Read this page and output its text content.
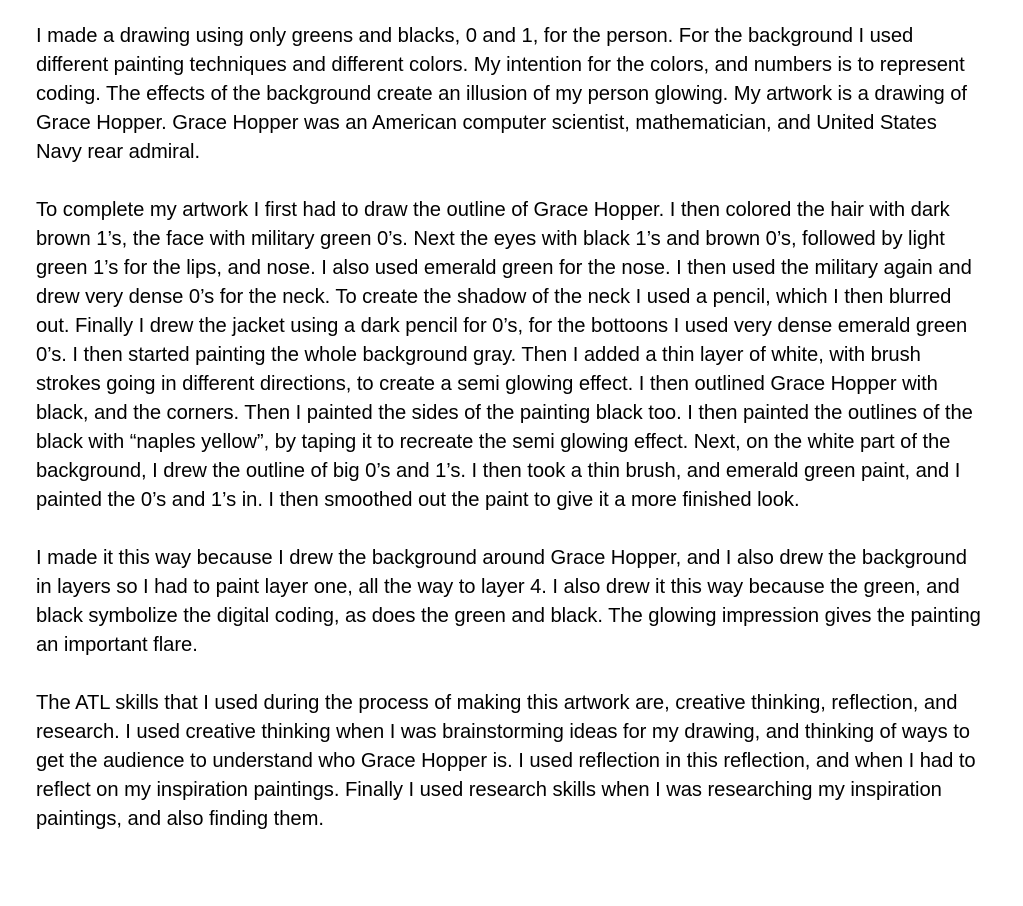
I made a drawing using only greens and blacks, 0 and 1, for the person. For the background I used different painting techniques and different colors. My intention for the colors, and numbers is to represent coding. The effects of the background create an illusion of my person glowing. My artwork is a drawing of Grace Hopper. Grace Hopper was an American computer scientist, mathematician, and United States Navy rear admiral.

To complete my artwork I first had to draw the outline of Grace Hopper. I then colored the hair with dark brown 1’s, the face with military green 0’s. Next the eyes with black 1’s and brown 0’s, followed by light green 1’s for the lips, and nose. I also used emerald green for the nose. I then used the military again and drew very dense 0’s for the neck. To create the shadow of the neck I used a pencil, which I then blurred out. Finally I drew the jacket using a dark pencil for 0’s, for the bottoons I used very dense emerald green 0’s. I then started painting the whole background gray. Then I added a thin layer of white, with brush strokes going in different directions, to create a semi glowing effect. I then outlined Grace Hopper with black, and the corners. Then I painted the sides of the painting black too. I then painted the outlines of the black with “naples yellow”, by taping it to recreate the semi glowing effect. Next, on the white part of the background, I drew the outline of big 0’s and 1’s. I then took a thin brush, and emerald green paint, and I painted the 0’s and 1’s in. I then smoothed out the paint to give it a more finished look.

I made it this way because I drew the background around Grace Hopper, and I also drew the background in layers so I had to paint layer one, all the way to layer 4. I also drew it this way because the green, and black symbolize the digital coding, as does the green and black. The glowing impression gives the painting an important flare.

The ATL skills that I used during the process of making this artwork are, creative thinking, reflection, and research. I used creative thinking when I was brainstorming ideas for my drawing, and thinking of ways to get the audience to understand who Grace Hopper is. I used reflection in this reflection, and when I had to reflect on my inspiration paintings. Finally I used research skills when I was researching my inspiration paintings, and also finding them.
